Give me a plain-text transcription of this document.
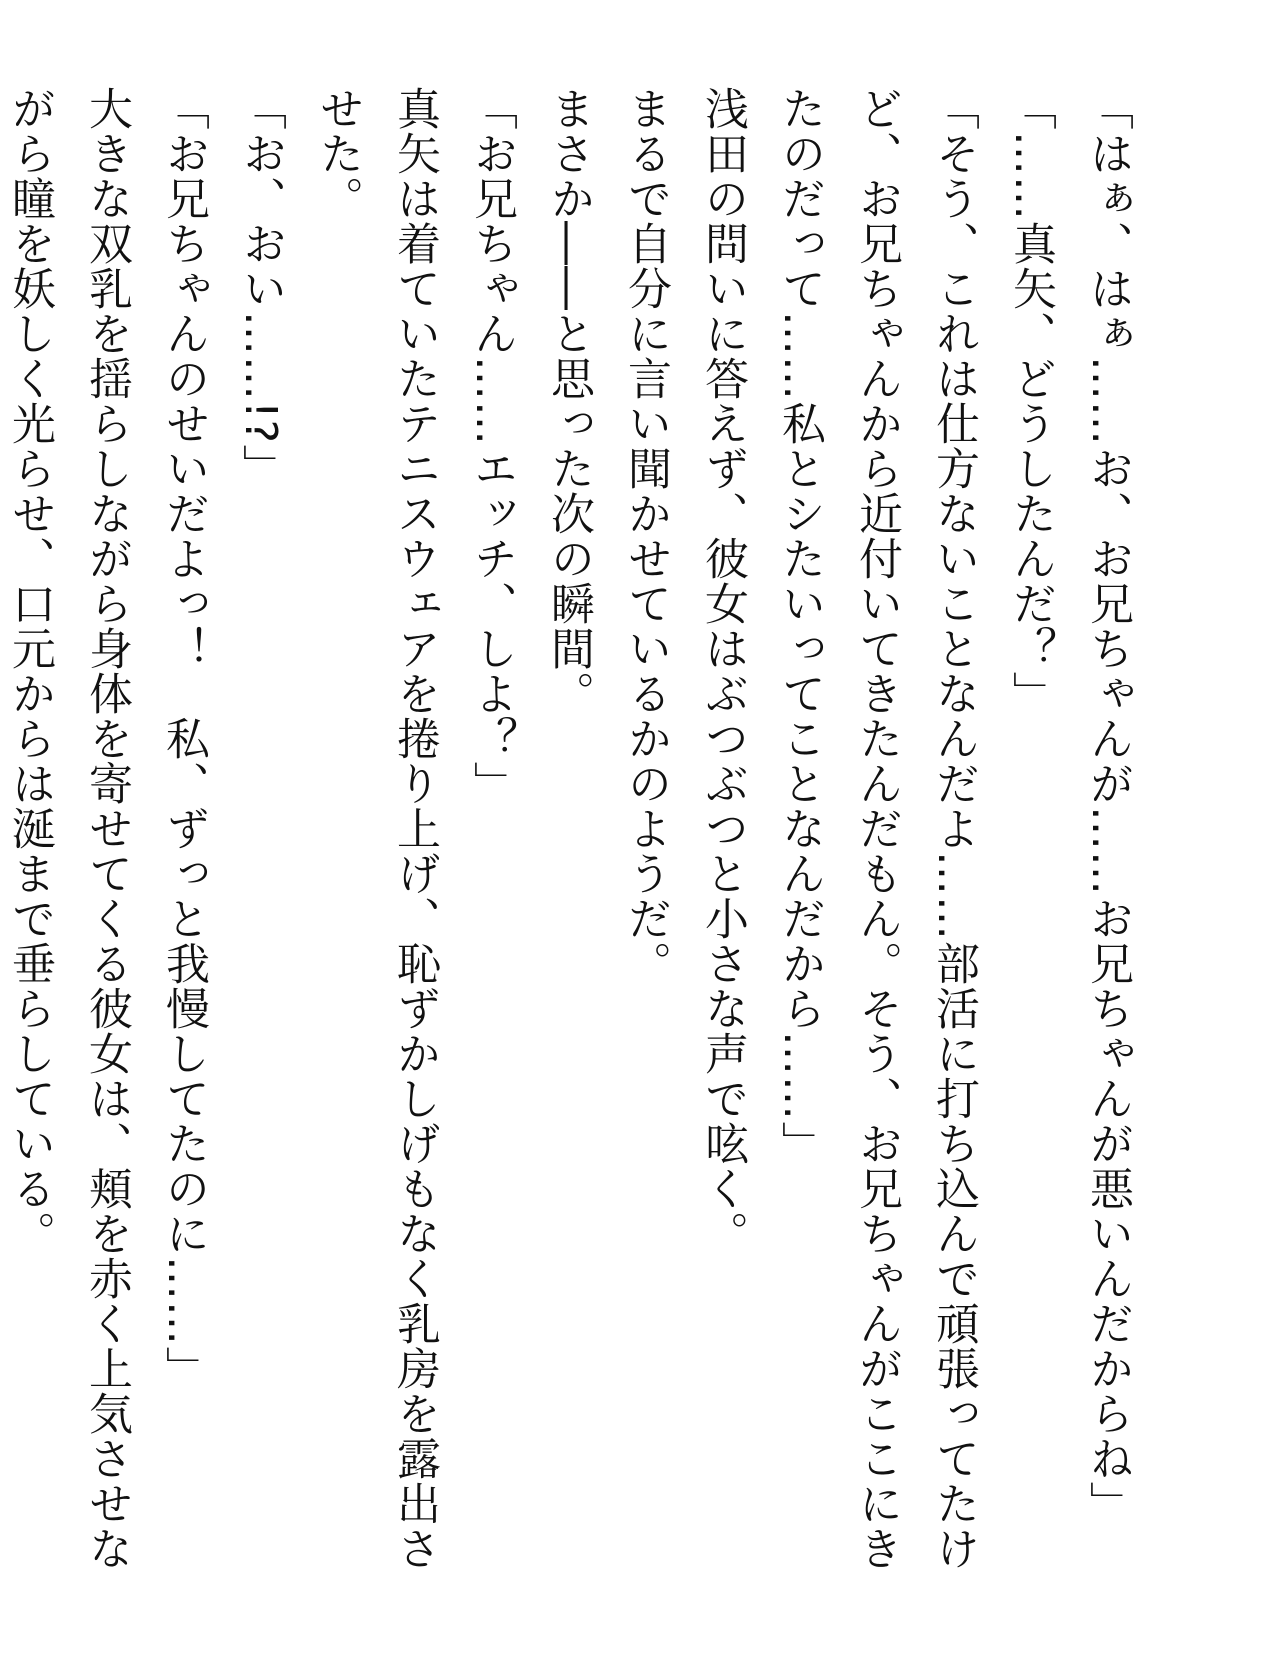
「はぁ、はぁ……お、お兄ちゃんが……お兄ちゃんが悪いんだからね」

「……真矢、どうしたんだ？」

「そう、これは仕方ないことなんだよ……部活に打ち込んで頑張ってたけど、お兄ちゃんから近付いてきたんだもん。そう、お兄ちゃんがここにきたのだって……私とシたいってことなんだから……」

浅田の問いに答えず、彼女はぶつぶつと小さな声で呟く。

まるで自分に言い聞かせているかのようだ。

まさか――と思った次の瞬間。

「お兄ちゃん……エッチ、しよ？」

真矢は着ていたテニスウェアを捲り上げ、恥ずかしげもなく乳房を露出させた。

「お、おい……!?」

「お兄ちゃんのせいだよっ！　私、ずっと我慢してたのに……」

大きな双乳を揺らしながら身体を寄せてくる彼女は、頬を赤く上気させながら瞳を妖しく光らせ、口元からは涎まで垂らしている。
